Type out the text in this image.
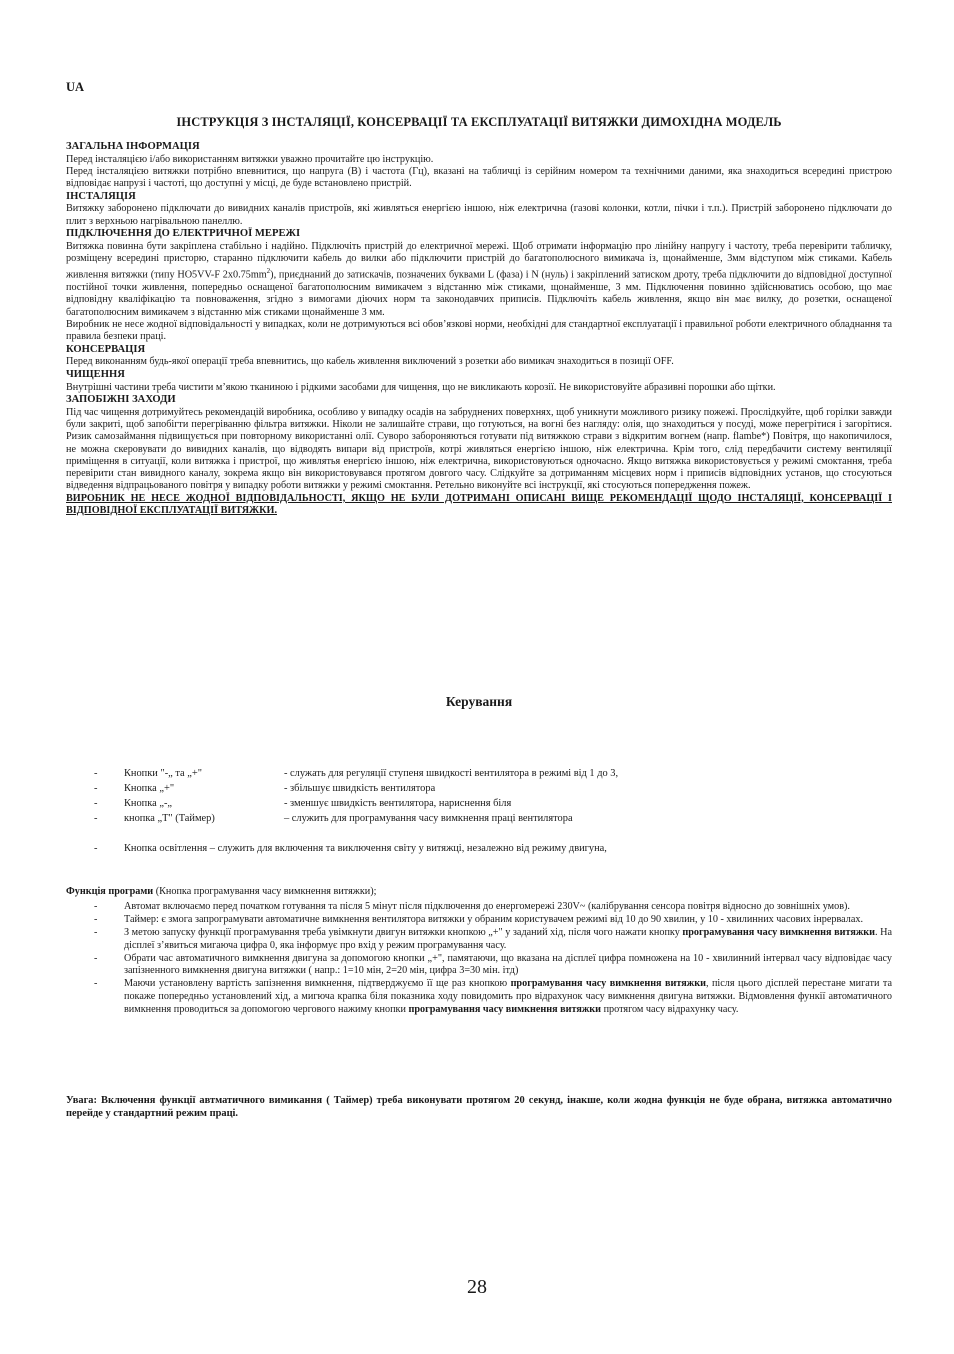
UA
ІНСТРУКЦІЯ З ІНСТАЛЯЦІЇ, КОНСЕРВАЦІЇ ТА ЕКСПЛУАТАЦІЇ ВИТЯЖКИ ДИМОХІДНА МОДЕЛЬ
ЗАГАЛЬНА ІНФОРМАЦІЯ

Перед інсталяцією і/або використанням витяжки уважно прочитайте цю інструкцію.

Перед інсталяцією витяжки потрібно впевнитися, що напруга (В) і частота (Гц), вказані на табличці із серійним номером та технічними даними, яка знаходиться всередині пристрою відповідає напрузі і частоті, що доступні у місці, де буде встановлено пристрій.

ІНСТАЛЯЦІЯ

Витяжку заборонено підключати до вивидних каналів пристроїв, які живляться енергією іншою, ніж електрична (газові колонки, котли, пічки і т.п.). Пристрій заборонено підключати до плит з верхньою нагрівальною панеллю.

ПІДКЛЮЧЕННЯ ДО ЕЛЕКТРИЧНОЇ МЕРЕЖІ

Витяжка повинна бути закріплена стабільно і надійно. Підключіть пристрій до електричної мережі. Щоб отримати інформацію про лінійну напругу і частоту, треба перевірити табличку, розміщену всередині присторю, старанно підключити кабель до вилки або підключити пристрій до багатополюсного вимикача із, щонайменше, 3мм відступом між стиками. Кабель живлення витяжки (типу HO5VV-F $2x0.75mm^2$), приєднаний до затискачів, позначених буквами L (фаза) і N (нуль) і закріплений затиском дроту, треба підключити до відповідної доступної постійної точки живлення, попередньо оснащеної багатополюсним вимикачем з відстанню між стиками, щонайменше, 3 мм. Підключення повинно здійснюватись особою, що має відповідну кваліфікацію та повноваження, згідно з вимогами діючих норм та законодавчих приписів. Підключіть кабель живлення, якщо він має вилку, до розетки, оснащеної багатополюсним вимикачем з відстанню між стиками щонайменше 3 мм.

Виробник не несе жодної відповідальності у випадках, коли не дотримуються всі обов’язкові норми, необхідні для стандартної експлуатації і правильної роботи електричного обладнання та правила безпеки праці.

КОНСЕРВАЦІЯ

Перед виконанням будь-якої операції треба впевнитись, що кабель живлення виключений з розетки або вимикач знаходиться в позиції OFF.

ЧИЩЕННЯ

Внутрішні частини треба чистити м’якою тканиною і рідкими засобами для чищення, що не викликають корозії. Не використовуйте абразивні порошки або щітки.

ЗАПОБІЖНІ ЗАХОДИ

Під час чищення дотримуйтесь рекомендацій виробника, особливо у випадку осадів на забруднених поверхнях, щоб уникнути можливого ризику пожежі. Прослідкуйте, щоб горілки завжди були закриті, щоб запобігти перегріванню фільтра витяжки. Ніколи не залишайте страви, що готуються, на вогні без нагляду: олія, що знаходиться у посуді, може перегрітися і загорітися. Ризик самозаймання підвищується при повторному використанні олії. Суворо забороняються готувати під витяжкою страви з відкритим вогнем (напр. flambe*) Повітря, що накопичилося, не можна скеровувати до вивидних каналів, що відводять випари від пристроїв, котрі живляться енергією іншою, ніж електрична. Крім того, слід передбачити систему вентиляції приміщення в ситуації, коли витяжка і пристрої, що живлятья енергією іншою, ніж електрична, використовуються одночасно. Якщо витяжка використовується у режимі смоктання, треба перевірити стан вивидного каналу, зокрема якщо він використовувався протягом довгого часу. Слідкуйте за дотриманням місцевих норм і приписів відповідних установ, що стосуються відведення відпрацьованого повітря у випадку роботи витяжки у режимі смоктання. Ретельно виконуйте всі інструкції, які стосуються попередження пожеж.

ВИРОБНИК НЕ НЕСЕ ЖОДНОЇ ВІДПОВІДАЛЬНОСТІ, ЯКЩО НЕ БУЛИ ДОТРИМАНІ ОПИСАНІ ВИЩЕ РЕКОМЕНДАЦІЇ ЩОДО ІНСТАЛЯЦІЇ, КОНСЕРВАЦІЇ І ВІДПОВІДНОЇ ЕКСПЛУАТАЦІЇ ВИТЯЖКИ.

Керування
-	Кнопки "-„ та „+"	- служать для регуляції ступеня швидкості вентилятора в режимі від 1 до 3,
-	Кнопка „+"	- збільшує швидкість вентилятора
-	Кнопка „-„	- зменшує швидкість вентилятора, нариснення біля
-	кнопка „T" (Таймер)	– служить для програмування часу вимкнення праці вентилятора
-	Кнопка освітлення – служить для включення та виключення світу у витяжці, незалежно від режиму двигуна,

Функція програми (Кнопка програмування часу вимкнення витяжки);

-	Автомат включаємо перед початком готування та після 5 мінут після підключення до енергомережі 230V~ (калібрування сенсора повітря відносно до зовнішніх умов).
-	Таймер: є змога запрограмувати автоматичне вимкнення вентилятора витяжки у обраним користувачем режимі від 10 до 90 хвилин, у 10 - хвилинних часових інрервалах.
-	З метою запуску функції програмування треба увімкнути двигун витяжки кнопкою „+" у заданий хід, після чого нажати кнопку програмування часу вимкнення витяжки. На дісплеї з’явиться мигаюча цифра 0, яка інформує про вхід у режим програмування часу.
-	Обрати час автоматичного вимкнення двигуна за допомогою кнопки „+", памятаючи, що вказана на дісплеї цифра помножена на 10 - хвилинний інтервал часу відповідає часу запізненного вимкнення двигуна витяжки ( напр.: 1=10 мін, 2=20 мін, цифра 3=30 мін. ітд)
-	Маючи установлену вартість запізнення вимкнення, підтверджуємо її ще раз кнопкою програмування часу вимкнення витяжки, після цього дісплей перестане мигати та покаже попередньо установлений хід, а мигюча крапка біля показника ходу повидомить про відрахунок часу вимкнення двигуна витяжки. Відмовлення функії автоматичного вимкнення проводиться за допомогою чергового нажиму кнопки програмування часу вимкнення витяжки протягом часу відрахунку часу.
Увага: Включення функції автматичного вимикання ( Таймер) треба виконувати протягом 20 секунд, інакше, коли жодна функція не буде обрана, витяжка автоматично перейде у стандартний режим праці.
28
